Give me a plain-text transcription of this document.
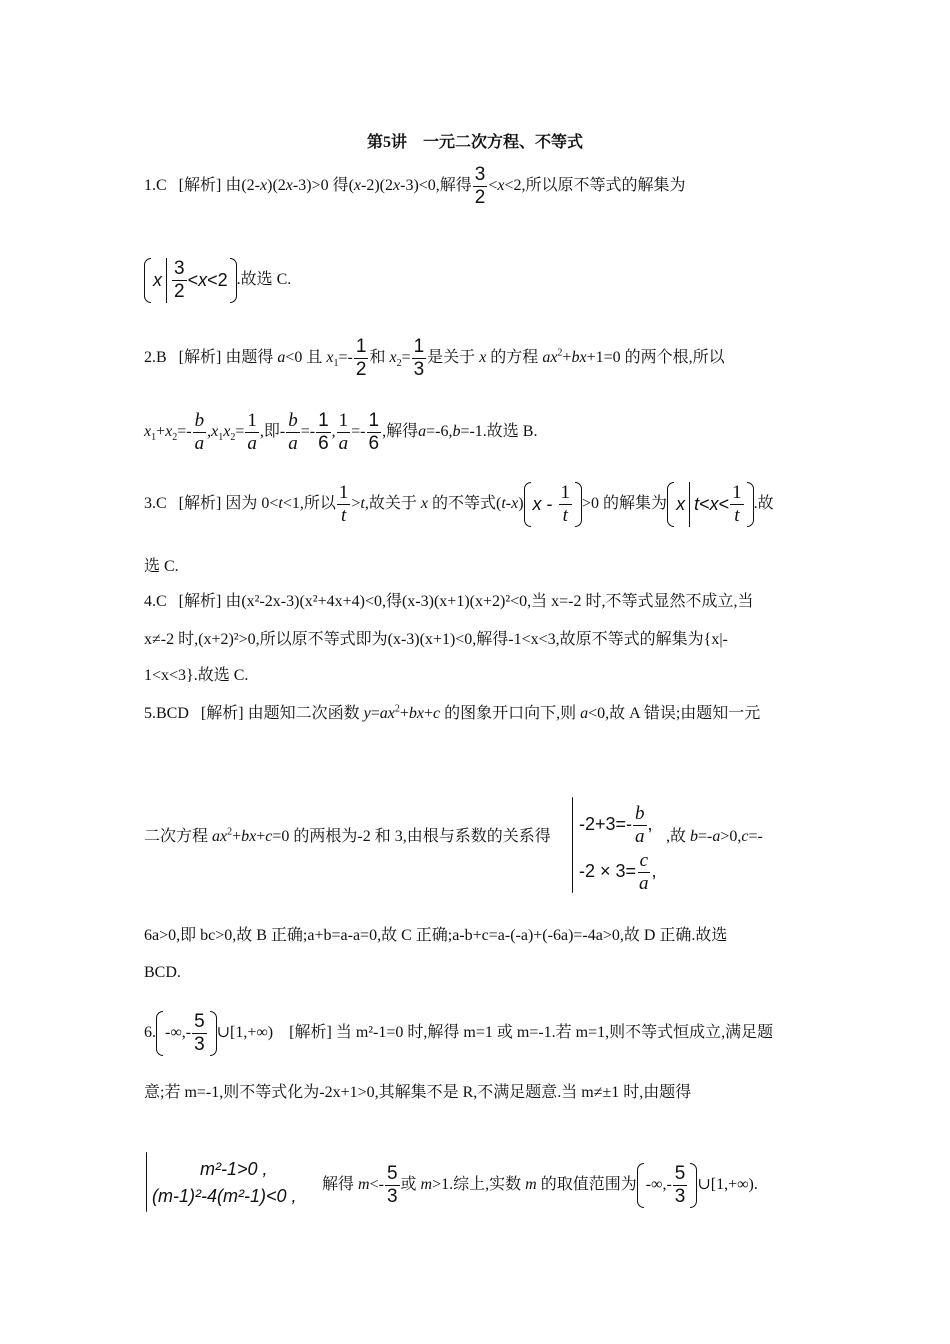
第5讲　一元二次方程、不等式
1.C [解析] 由(2-x)(2x-3)>0 得(x-2)(2x-3)<0,解得 $\frac{3}{2} <x<2$,所以原不等式的解集为
x $\frac{3}{2} < x <2$ .故选 C.
2.B [解析] 由题得 a<0 且 $x_1=- \frac{1}{2}$ 和 $x_2= \frac{1}{3}$ 是关于 x 的方程 $ax^2+bx+1=0$ 的两个根,所以
$x_1+x_2=- \frac{b}{a} ,x_1x_2= \frac{1}{a}$ ,即- $\frac{b}{a} =- \frac{1}{6}$ , $\frac{1}{a} =- \frac{1}{6}$ ,解得a=-6,b=-1.故选 B.
3.C [解析] 因为 0<t<1,所以 $\frac{1}{t} >t$,故关于 x 的不等式(t-x) $x - \frac{1}{t} >0$ 的解集为 x $t < x < \frac{1}{t}$ .故
选 C.
4.C [解析] 由(x²-2x-3)(x²+4x+4)<0,得(x-3)(x+1)(x+2)²<0,当 x=-2 时,不等式显然不成立,当
x≠-2 时,(x+2)²>0,所以原不等式即为(x-3)(x+1)<0,解得-1<x<3,故原不等式的解集为{x|-
1<x<3}.故选 C.
5.BCD [解析] 由题知二次函数 $y=ax^2+bx+c$ 的图象开口向下,则 a<0,故 A 错误;由题知一元
二次方程 $ax^2+bx+c=0$ 的两根为-2 和 3,由根与系数的关系得
$-2+3=- \frac{b}{a}$ ,
$-2 \times 3= \frac{c}{a}$ ,
,故 b=-a>0,c=-
6a>0,即 bc>0,故 B 正确;a+b=a-a=0,故 C 正确;a-b+c=a-(-a)+(-6a)=-4a>0,故 D 正确.故选
BCD.
6. -∞,- $\frac{5}{3}$ ∪[1,+∞) [解析] 当 m²-1=0 时,解得 m=1 或 m=-1.若 m=1,则不等式恒成立,满足题
意;若 m=-1,则不等式化为-2x+1>0,其解集不是 R,不满足题意.当 m≠±1 时,由题得
m²-1>0 ,
(m-1)²-4(m²-1)<0 ,
解得 $m<- \frac{5}{3}$ 或 m>1.综上,实数 m 的取值范围为 -∞,- $\frac{5}{3}$ ∪[1,+∞).
